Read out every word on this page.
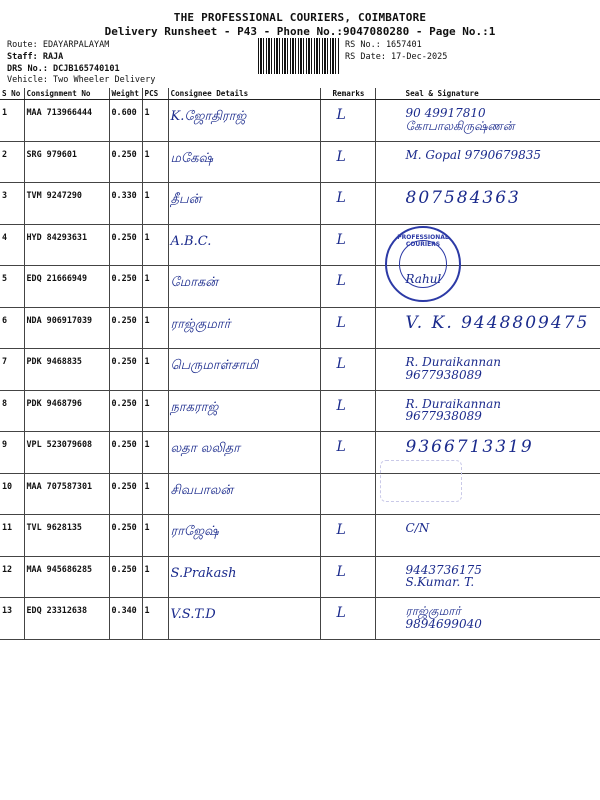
THE PROFESSIONAL COURIERS, COIMBATORE
Delivery Runsheet - P43 - Phone No.:9047080280 - Page No.:1
Route: EDAYARPALAYAM
Staff: RAJA
DRS No.: DCJB165740101
Vehicle: Two Wheeler Delivery
RS No.: 1657401
RS Date: 17-Dec-2025
S No	Consignment No	Weight	PCS	Consignee Details	Remarks	Seal & Signature
1	MAA 713966444	0.600	1	K.ஜோதிராஜ்	L	90 49917810
கோபாலகிருஷ்ணன்

2	SRG 979601	0.250	1	மகேஷ்	L	M. Gopal 9790679835

3	TVM 9247290	0.330	1	தீபன்	L	807584363

4	HYD 84293631	0.250	1	A.B.C.	L	

5	EDQ 21666949	0.250	1	மோகன்	L	Rahul

6	NDA 906917039	0.250	1	ராஜ்குமார்	L	V. K. 9448809475

7	PDK 9468835	0.250	1	பெருமாள்சாமி	L	R. Duraikannan
9677938089

8	PDK 9468796	0.250	1	நாகராஜ்	L	R. Duraikannan
9677938089

9	VPL 523079608	0.250	1	லதா லலிதா	L	9366713319

10	MAA 707587301	0.250	1	சிவபாலன்		

11	TVL 9628135	0.250	1	ராஜேஷ்	L	C/N

12	MAA 945686285	0.250	1	S.Prakash	L	9443736175
S.Kumar. T.

13	EDQ 23312638	0.340	1	V.S.T.D	L	ராஜ்குமார்
9894699040
PROFESSIONAL COURIERS
